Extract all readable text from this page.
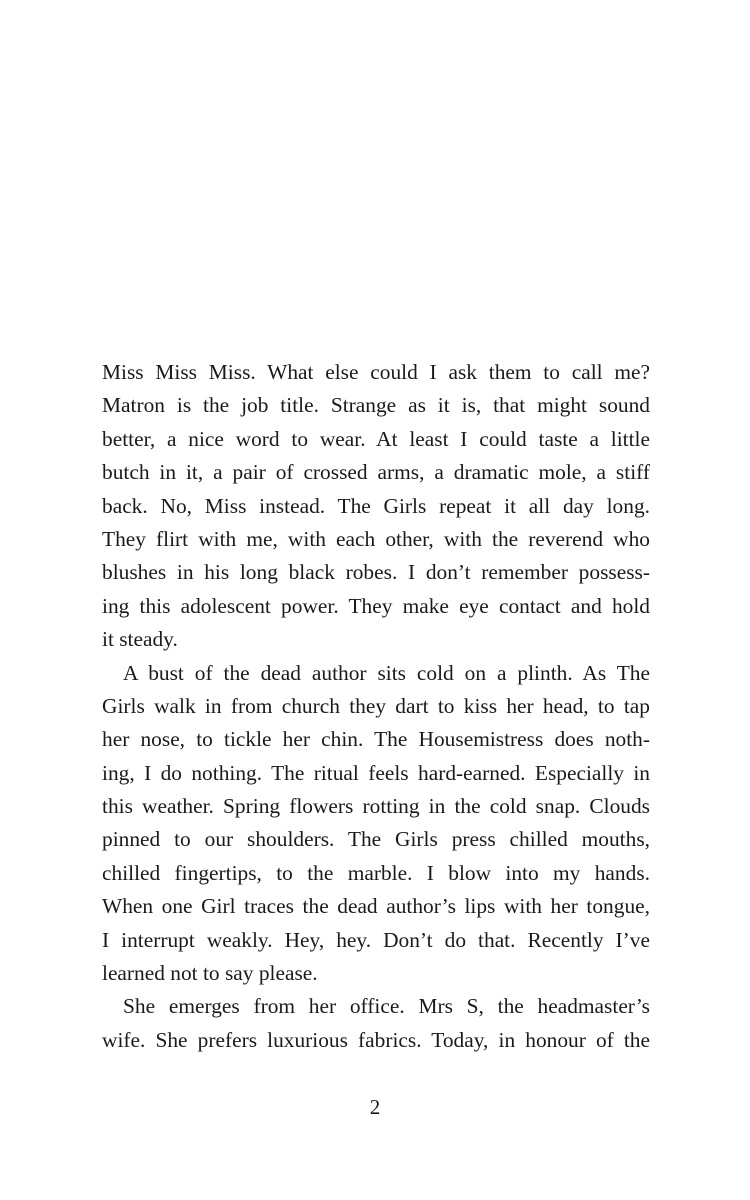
Miss Miss Miss. What else could I ask them to call me?
Matron is the job title. Strange as it is, that might sound
better, a nice word to wear. At least I could taste a little
butch in it, a pair of crossed arms, a dramatic mole, a stiff
back. No, Miss instead. The Girls repeat it all day long.
They flirt with me, with each other, with the reverend who
blushes in his long black robes. I don’t remember possess-
ing this adolescent power. They make eye contact and hold
it steady.
A bust of the dead author sits cold on a plinth. As The
Girls walk in from church they dart to kiss her head, to tap
her nose, to tickle her chin. The Housemistress does noth-
ing, I do nothing. The ritual feels hard-earned. Especially in
this weather. Spring flowers rotting in the cold snap. Clouds
pinned to our shoulders. The Girls press chilled mouths,
chilled fingertips, to the marble. I blow into my hands.
When one Girl traces the dead author’s lips with her tongue,
I interrupt weakly. Hey, hey. Don’t do that. Recently I’ve
learned not to say please.
She emerges from her office. Mrs S, the headmaster’s
wife. She prefers luxurious fabrics. Today, in honour of the
2
